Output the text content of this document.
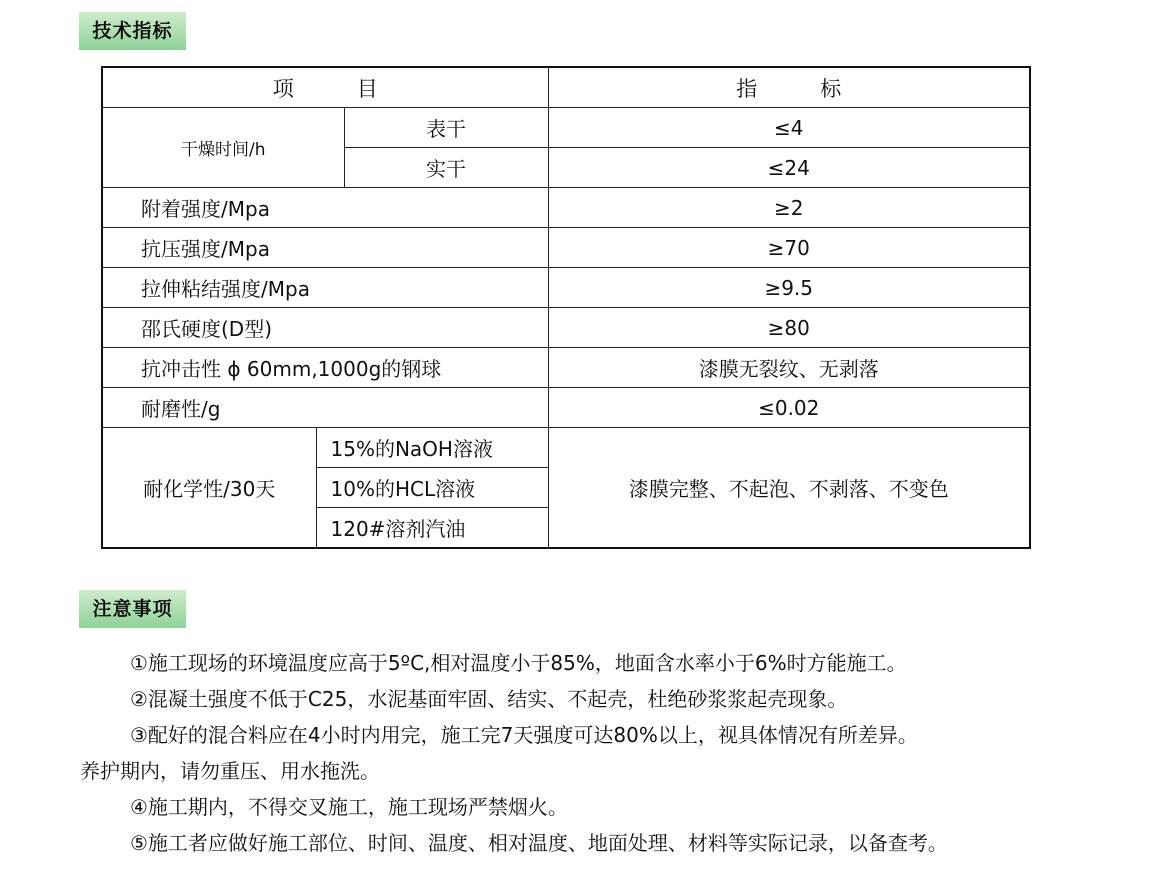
技术指标
项　　　目			指　　　标
干燥时间/h		表干	≤4
		实干	≤24
附着强度/Mpa			≥2
抗压强度/Mpa			≥70
拉伸粘结强度/Mpa			≥9.5
邵氏硬度(D型)			≥80
抗冲击性 ϕ 60mm,1000g的钢球			漆膜无裂纹、无剥落
耐磨性/g			≤0.02
耐化学性/30天	15%的NaOH溶液		漆膜完整、不起泡、不剥落、不变色
	10%的HCL溶液		
	120#溶剂汽油		
注意事项

①施工现场的环境温度应高于5ºC,相对温度小于85%，地面含水率小于6%时方能施工。

②混凝土强度不低于C25，水泥基面牢固、结实、不起壳，杜绝砂浆浆起壳现象。

③配好的混合料应在4小时内用完，施工完7天强度可达80%以上，视具体情况有所差异。

养护期内，请勿重压、用水拖洗。

④施工期内，不得交叉施工，施工现场严禁烟火。

⑤施工者应做好施工部位、时间、温度、相对温度、地面处理、材料等实际记录，以备查考。
